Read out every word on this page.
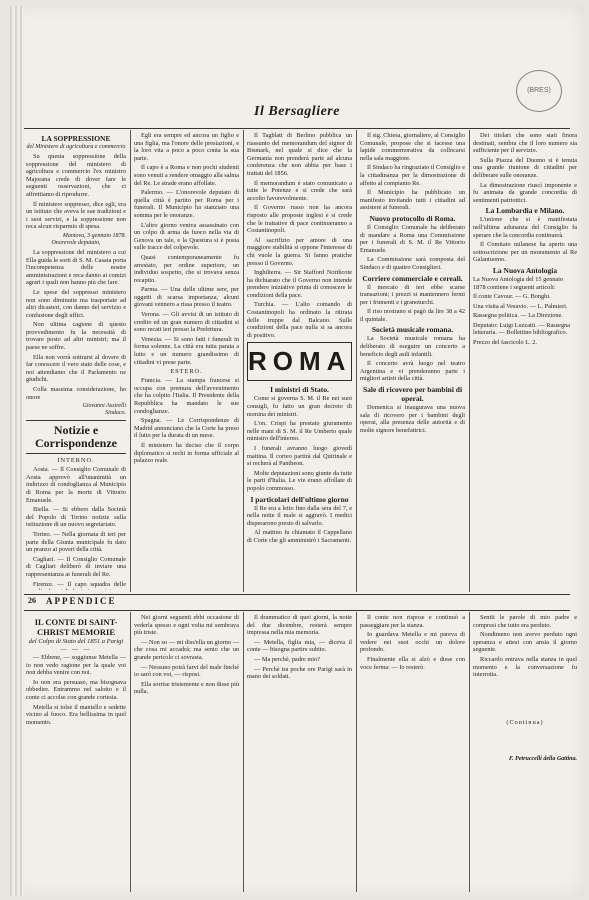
(BRES)
Il Bersagliere
LA SOPPRESSIONE
del Ministero di agricoltura e commercio

Su questa soppressione della soppressione del ministero di agricoltura e commercio l'ex ministro Majorana crede di dover fare le seguenti osservazioni, che ci affrettiamo di riprodurre.

Il ministero soppresso, dice egli, era un istituto che aveva le sue tradizioni e i suoi servizi, e la soppressione non reca alcun risparmio di spesa.

Mantova, 3 gennaio 1878.
Onorevole deputato,

La soppressione del ministero a cui Ella guida le sorti di S. M. Casata porta l'incompetenza delle nostre amministrazioni e reca danno ai comizi agrari i quali non hanno più che fare.

Le spese del soppresso ministero non sono diminuite ma trasportate ad altri dicasteri, con danno del servizio e confusione degli uffici.

Non ultima cagione di questo provvedimento fu la necessità di trovare posto ad altri ministri; ma il paese ne soffre.

Ella non vorrà sottrarsi al dovere di far conoscere il vero stato delle cose, e noi attendiamo che il Parlamento ne giudichi.

Colla massima considerazione, ho onore

Giovanni Assirelli
Sindaco.
Notizie e Corrispondenze
INTERNO.

Aosta. — Il Consiglio Comunale di Aosta approvò all'unanimità un indirizzo di condoglianza al Municipio di Roma per la morte di Vittorio Emanuele.

Biella. — Si ebbero dalla Società del Popolo di Torino notizie sulla istituzione di un nuovo segretariato.

Torino. — Nella giornata di ieri per parte della Giunta municipale fu dato un pranzo ai poveri della città.

Cagliari. — Il Consiglio Comunale di Cagliari deliberò di inviare una rappresentanza ai funerali del Re.

Firenze. — Il capo squadra delle

Egli era sempre ed ancora un figlio e una figlia, ma l'onore delle prestazioni, e la loro vita a poco a poco conta la sua parte.

Il capo è a Roma e non pochi studenti sono venuti a rendere omaggio alla salma del Re. Le strade erano affollate.

Palermo. — L'onorevole deputato di quella città è partito per Roma per i funerali. Il Municipio ha stanziato una somma per le onoranze.

L'altro giorno veniva assassinato con un colpo di arma da fuoco nella via di Genova un tale, e la Questura si è posta sulle tracce del colpevole.

Quasi contemporaneamente fu arrestato, per ordine superiore, un individuo sospetto, che si trovava senza recapito.

Parma. — Una delle ultime sere, per oggetti di scarsa importanza, alcuni giovani vennero a rissa presso il teatro.

Verona. — Gli avvisi di un istituto di credito ed un gran numero di cittadini si sono recati ieri presso la Prefettura.

Venezia. — Si sono fatti i funerali in forma solenne. La città era tutta parata a lutto e un numero grandissimo di cittadini vi prese parte.

ESTERO.

Francia. — La stampa francese si occupa con premura dell'avvenimento che ha colpito l'Italia. Il Presidente della Repubblica ha mandato le sue condoglianze.

Spagna. — Le Corrispondenze di Madrid annunciano che la Corte ha preso il lutto per la durata di un mese.

Il ministero ha deciso che il corpo diplomatico si rechi in forma ufficiale al palazzo reale.

Il Tagblatt di Berlino pubblica un riassunto del memorandum del signor di Bismark, nel quale si dice che la Germania non prenderà parte ad alcuna conferenza che non abbia per base i trattati del 1856.

Il memorandum è stato comunicato a tutte le Potenze e si crede che sarà accolto favorevolmente.

Il Governo russo non ha ancora risposto alle proposte inglesi e si crede che le trattative di pace continueranno a Costantinopoli.

Al sacrifizio per amore di una maggiore stabilità si oppone l'interesse di chi vuole la guerra. Si fanno pratiche presso il Governo.

Inghilterra. — Sir Stafford Northcote ha dichiarato che il Governo non intende prendere iniziative prima di conoscere le condizioni della pace.

Turchia. — L'alto comando di Costantinopoli ha ordinato la ritirata delle truppe dal Balcano. Sulle condizioni della pace nulla si sa ancora di positivo.

ROMA
I ministri di Stato.

Come si governa S. M. il Re nei suoi consigli, fu fatto un gran decreto di nomina dei ministri.

L'on. Crispi ha prestato giuramento nelle mani di S. M. il Re Umberto quale ministro dell'interno.

I funerali avranno luogo giovedì mattina. Il corteo partirà dal Quirinale e si recherà al Pantheon.

Molte deputazioni sono giunte da tutte le parti d'Italia. Le vie erano affollate di popolo commosso.

I particolari dell'ultimo giorno

Il Re era a letto fino dalla sera del 7, e nella notte il male si aggravò. I medici disperarono presto di salvarlo.

Al mattino fu chiamato il Cappellano di Corte che gli amministrò i Sacramenti.

Il sig. Chiesa, giornaliere, al Consiglio Comunale, propose che si facesse una lapide commemorativa da collocarsi nella sala maggiore.

Il Sindaco ha ringraziato il Consiglio e la cittadinanza per la dimostrazione di affetto al compianto Re.

Il Municipio ha pubblicato un manifesto invitando tutti i cittadini ad assistere ai funerali.

Nuovo protocollo di Roma.

Il Consiglio Comunale ha deliberato di mandare a Roma una Commissione per i funerali di S. M. il Re Vittorio Emanuele.

La Commissione sarà composta del Sindaco e di quattro Consiglieri.

Corriere commerciale e cereali.

Il mercato di ieri ebbe scarse transazioni; i prezzi si mantennero fermi per i frumenti e i granoturchi.

Il riso nostrano si pagò da lire 38 a 42 il quintale.

Società musicale romana.

La Società musicale romana ha deliberato di eseguire un concerto a beneficio degli asili infantili.

Il concerto avrà luogo nel teatro Argentina e vi prenderanno parte i migliori artisti della città.

Sale di ricovero per bambini di operai.

Domenica si inaugurava una nuova sala di ricovero per i bambini degli operai, alla presenza delle autorità e di molte signore benefattrici.

Dei titolari che sono stati finora destinati, sembra che il loro numero sia sufficiente per il servizio.

Sulla Piazza del Duomo si è tenuta una grande riunione di cittadini per deliberare sulle onoranze.

La dimostrazione riuscì imponente e fu animata da grande concordia di sentimenti patriottici.

La Lombardia e Milano.

L'unione che si è manifestata nell'ultima adunanza del Consiglio fa sperare che la concordia continuerà.

Il Comitato milanese ha aperto una sottoscrizione per un monumento al Re Galantuomo.

La Nuova Antologia

La Nuova Antologia del 15 gennaio 1878 contiene i seguenti articoli:

Il conte Cavour. — G. Bonghi.

Una visita al Vesuvio. — L. Palmieri.

Rassegna politica. — La Direzione.

Deputato: Luigi Luzzatti. — Rassegna letteraria. — Bollettino bibliografico.

Prezzo del fascicolo L. 2.

26 APPENDICE
IL CONTE DI SAINT-CHRIST MEMORIE
del Colpo di Stato del 1851 a Parigi
— — —

— Ebbene, — soggiunse Metella — io non vedo ragione per la quale voi non debba venire con noi.

Io non era persuaso, ma bisognava obbedire. Entrammo nel salotto e il conte ci accolse con grande cortesia.

Metella si tolse il mantello e sedette vicino al fuoco. Era bellissima in quel momento.

Nei giorni seguenti ebbi occasione di vederla spesso e ogni volta mi sembrava più triste.

— Non so — mi diss'ella un giorno — che cosa mi accadrà; ma sento che un grande pericolo ci sovrasta.

— Nessuno potrà farvi del male finché io sarò con voi, — risposi.

Ella sorrise tristemente e non disse più nulla.

Il drammatico di quei giorni, la notte del due dicembre, resterà sempre impressa nella mia memoria.

— Metella, figlia mia, — diceva il conte — bisogna partire subito.

— Ma perchè, padre mio?

— Perchè tra poche ore Parigi sarà in mano dei soldati.

Il conte non rispose e continuò a passeggiare per la stanza.

Io guardava Metella e mi pareva di vedere nei suoi occhi un dolore profondo.

Finalmente ella si alzò e disse con voce ferma: — Io resterò.

Sentii le parole di mio padre e compresi che tutto era perduto.

Nondimeno non avevo perduto ogni speranza e attesi con ansia il giorno seguente.

Riccardo entrava nella stanza in quel momento e la conversazione fu interrotta.

(Continua)
F. Petruccelli della Gattina.
